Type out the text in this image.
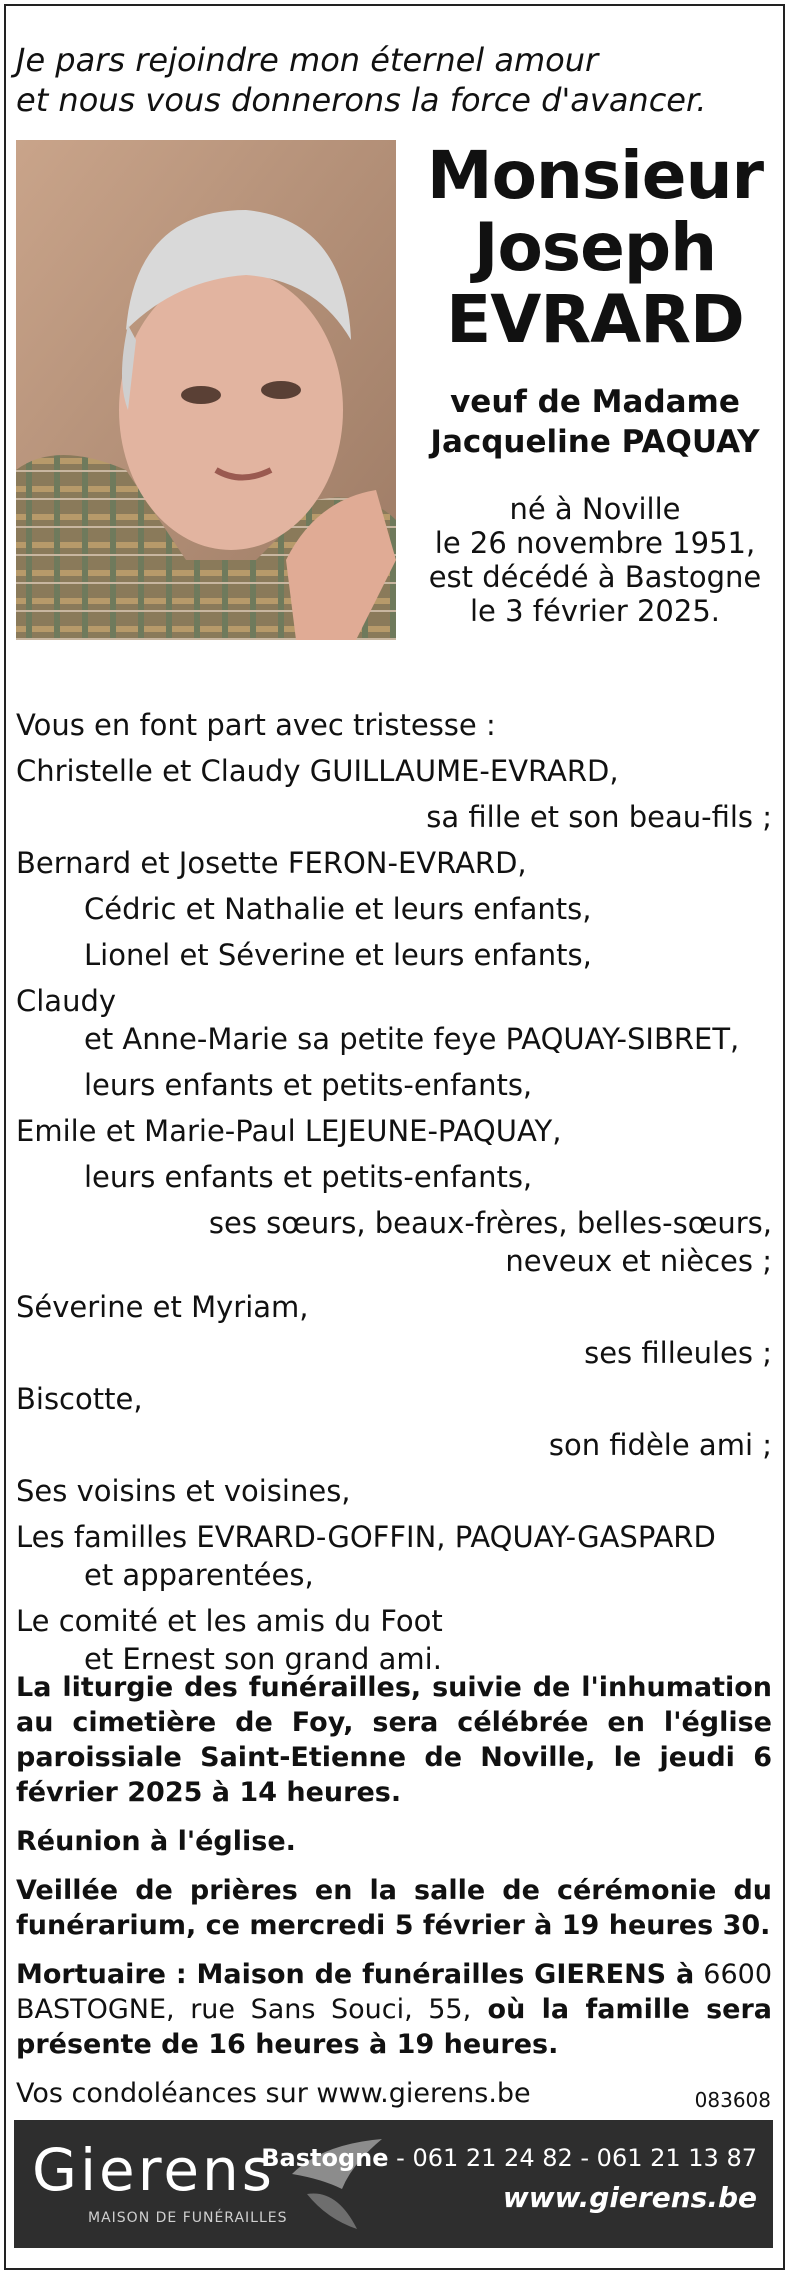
Je pars rejoindre mon éternel amour
et nous vous donnerons la force d'avancer.
Monsieur
Joseph
EVRARD
veuf de Madame
Jacqueline PAQUAY
né à Noville
le 26 novembre 1951,
est décédé à Bastogne
le 3 février 2025.
Vous en font part avec tristesse :
Christelle et Claudy GUILLAUME-EVRARD,
sa fille et son beau-fils ;
Bernard et Josette FERON-EVRARD,
Cédric et Nathalie et leurs enfants,
Lionel et Séverine et leurs enfants,
Claudy
et Anne-Marie sa petite feye PAQUAY-SIBRET,
leurs enfants et petits-enfants,
Emile et Marie-Paul LEJEUNE-PAQUAY,
leurs enfants et petits-enfants,
ses sœurs, beaux-frères, belles-sœurs,
neveux et nièces ;
Séverine et Myriam,
ses filleules ;
Biscotte,
son fidèle ami ;
Ses voisins et voisines,
Les familles EVRARD-GOFFIN, PAQUAY-GASPARD
et apparentées,
Le comité et les amis du Foot
et Ernest son grand ami.

La liturgie des funérailles, suivie de l'inhumation au cimetière de Foy, sera célébrée en l'église paroissiale Saint-Etienne de Noville, le jeudi 6 février 2025 à 14 heures.

Réunion à l'église.

Veillée de prières en la salle de cérémonie du funérarium, ce mercredi 5 février à 19 heures 30.

Mortuaire : Maison de funérailles GIERENS à 6600 BASTOGNE, rue Sans Souci, 55, où la famille sera présente de 16 heures à 19 heures.

Vos condoléances sur www.gierens.be	083608
Gierens
MAISON DE FUNÉRAILLES
Bastogne - 061 21 24 82 - 061 21 13 87
www.gierens.be
